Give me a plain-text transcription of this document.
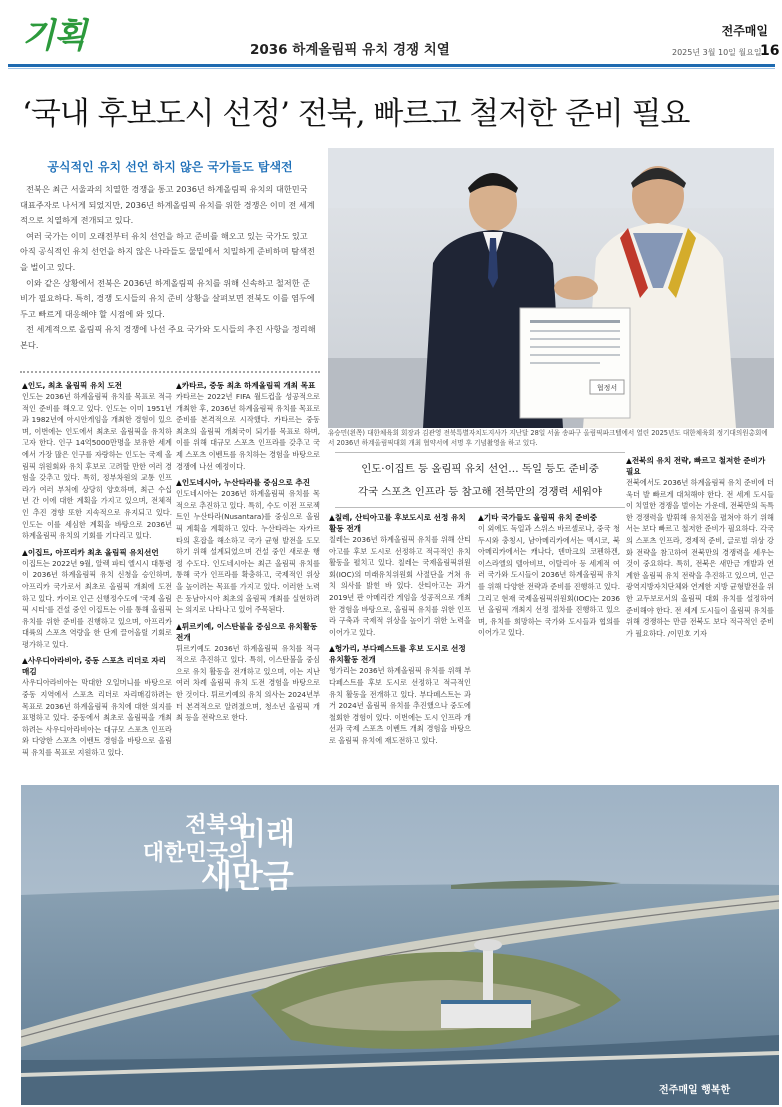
기획	2036 하계올림픽 유치 경쟁 치열
전주매일
2025년 3월 10일 월요일
16
‘국내 후보도시 선정’ 전북, 빠르고 철저한 준비 필요
공식적인 유치 선언 하지 않은 국가들도 탐색전

전북은 최근 서울과의 치열한 경쟁을 통고 2036년 하계올림픽 유치의 대한민국 대표주자로 나서게 되었지만, 2036년 하계올림픽 유치를 위한 경쟁은 이미 전 세계적으로 치열하게 전개되고 있다.

여러 국가는 이미 오래전부터 유치 선언을 하고 준비를 해오고 있는 국가도 있고 아직 공식적인 유치 선언을 하지 않은 나라들도 물밑에서 치밀하게 준비하며 탐색전을 벌이고 있다.

이와 같은 상황에서 전북은 2036년 하계올림픽 유치를 위해 신속하고 철저한 준비가 필요하다. 특히, 경쟁 도시들의 유치 준비 상황을 살펴보면 전북도 이를 염두에 두고 빠르게 대응해야 할 시점에 와 있다.

전 세계적으로 올림픽 유치 경쟁에 나선 주요 국가와 도시들의 추진 사항을 정리해 본다.

협정서
유승민(왼쪽) 대한체육회 회장과 김관영 전북특별자치도지사가 지난달 28일 서울 송파구 올림픽파크텔에서 열린 2025년도 대한체육회 정기대의원총회에서 2036년 하계올림픽대회 개최 협약서에 서명 후 기념촬영을 하고 있다.
인도·이집트 등 올림픽 유치 선언… 독일 등도 준비중
각국 스포츠 인프라 등 참고해 전북만의 경쟁력 세워야

▲인도, 최초 올림픽 유치 도전

인도는 2036년 하계올림픽 유치를 목표로 적극적인 준비를 해오고 있다. 인도는 이미 1951년과 1982년에 아시안게임을 개최한 경험이 있으며, 이번에는 인도에서 최초로 올림픽을 유치하고자 한다. 인구 14억5000만명을 보유한 세계에서 가장 많은 인구를 자랑하는 인도는 국제 올림픽 위원회와 유치 후보로 고려할 만한 여러 경험을 갖추고 있다. 특히, 정부차원의 교통 인프라가 여러 부처에 상당히 양호하며, 최근 수십 년 간 이에 대한 계획을 가지고 있으며, 전체적인 추진 경향 또한 지속적으로 유지되고 있다. 인도는 이를 세심한 계획을 바탕으로 2036년 하계올림픽 유치의 기회를 기다리고 있다.

▲이집트, 아프리카 최초 올림픽 유치선언

이집트는 2022년 9월, 알렉 파티 엘시시 대통령이 2036년 하계올림픽 유치 신청을 승인하며, 아프리카 국가로서 최초로 올림픽 개최에 도전하고 있다. 카이로 인근 신행정수도에 '국제 올림픽 시티'를 건설 중인 이집트는 이를 통해 올림픽 유치를 위한 준비를 진행하고 있으며, 아프리카 대륙의 스포츠 역량을 한 단계 끌어올릴 기회로 평가하고 있다.

▲사우디아라비아, 중동 스포츠 리더로 자리매김

사우디아라비아는 막대한 오일머니를 바탕으로 중동 지역에서 스포츠 리더로 자리매김하려는 목표로 2036년 하계올림픽 유치에 대한 의지를 표명하고 있다. 중동에서 최초로 올림픽을 개최하려는 사우디아라비아는 대규모 스포츠 인프라와 다양한 스포츠 이벤트 경험을 바탕으로 올림픽 유치를 목표로 지원하고 있다.

▲카타르, 중동 최초 하계올림픽 개최 목표

카타르는 2022년 FIFA 월드컵을 성공적으로 개최한 후, 2036년 하계올림픽 유치를 목표로 준비를 본격적으로 시작했다. 카타르는 중동 최초의 올림픽 개최국이 되기를 목표로 하며, 이를 위해 대규모 스포츠 인프라를 갖추고 국제 스포츠 이벤트를 유치하는 경험을 바탕으로 경쟁에 나선 예정이다.

▲인도네시아, 누산타라를 중심으로 추진

인도네시아는 2036년 하계올림픽 유치를 목적으로 추진하고 있다. 특히, 수도 이전 프로젝트인 누산타라(Nusantara)를 중심으로 올림픽 계획을 계획하고 있다. 누산타라는 자카르타의 혼잡을 해소하고 국가 균형 발전을 도모하기 위해 설계되었으며 건설 중인 새로운 행정 수도다. 인도네시아는 최근 올림픽 유치를 통해 국가 인프라를 확충하고, 국제적인 위상을 높이려는 목표를 가지고 있다. 이러한 노력은 동남아시아 최초의 올림픽 개최를 실현하려는 의지로 나타나고 있어 주목된다.

▲튀르키예, 이스탄불을 중심으로 유치활동 전개

튀르키예도 2036년 하계올림픽 유치를 적극적으로 추진하고 있다. 특히, 이스탄불을 중심으로 유치 활동을 전개하고 있으며, 이는 지난 여러 차례 올림픽 유치 도전 경험을 바탕으로 한 것이다. 튀르키예의 유치 의사는 2024년부터 본격적으로 알려졌으며, 청소년 올림픽 개최 등을 전략으로 한다.

▲칠레, 산티아고를 후보도시로 선정 유치활동 전개

칠레는 2036년 하계올림픽 유치를 위해 산티아고를 후보 도시로 선정하고 적극적인 유치 활동을 펼치고 있다. 칠레는 국제올림픽위원회(IOC)의 미래유치위원회 사절단을 거쳐 유치 의사를 밝힌 바 있다. 산티아고는 과거 2019년 판 아메리칸 게임을 성공적으로 개최한 경험을 바탕으로, 올림픽 유치를 위한 인프라 구축과 국제적 위상을 높이기 위한 노력을 이어가고 있다.

▲헝가리, 부다페스트를 후보 도시로 선정 유치활동 전개

헝가리는 2036년 하계올림픽 유치를 위해 부다페스트를 후보 도시로 선정하고 적극적인 유치 활동을 전개하고 있다. 부다페스트는 과거 2024년 올림픽 유치를 추진했으나 중도에 철회한 경험이 있다. 이번에는 도시 인프라 개선과 국제 스포츠 이벤트 개최 경험을 바탕으로 올림픽 유치에 재도전하고 있다.

▲기타 국가들도 올림픽 유치 준비중

이 외에도 독일과 스위스 바르셀로나, 중국 청두시와 충칭시, 남아메리카에서는 멕시코, 북아메리카에서는 캐나다, 덴마크의 코펜하겐, 이스라엘의 텔아비브, 이탈리아 등 세계적 여러 국가와 도시들이 2036년 하계올림픽 유치를 위해 다양한 전략과 준비를 진행하고 있다. 그리고 현재 국제올림픽위원회(IOC)는 2036년 올림픽 개최지 선정 절차를 진행하고 있으며, 유치를 희망하는 국가와 도시들과 협의를 이어가고 있다.

▲전북의 유치 전략, 빠르고 철저한 준비가 필요

전북에서도 2036년 하계올림픽 유치 준비에 더욱더 발 빠르게 대처해야 한다. 전 세계 도시들이 치열한 경쟁을 벌이는 가운데, 전북만의 독특한 경쟁력을 발휘해 유치전을 펼쳐야 하기 위해서는 보다 빠르고 철저한 준비가 필요하다. 각국의 스포츠 인프라, 경제적 준비, 글로벌 위상 강화 전략을 참고하여 전북만의 경쟁력을 세우는 것이 중요하다. 특히, 전북은 새만금 개발과 연계한 올림픽 유치 전략을 추진하고 있으며, 인근 광역지방자치단체와 연계한 지방 균형발전을 위한 교두보로서의 올림픽 대회 유치를 설정하여 준비해야 한다. 전 세계 도시들이 올림픽 유치를 위해 경쟁하는 만큼 전북도 보다 적극적인 준비가 필요하다. /이민호 기자

전북의
대한민국의
미래
새만금
전주매일 행복한
